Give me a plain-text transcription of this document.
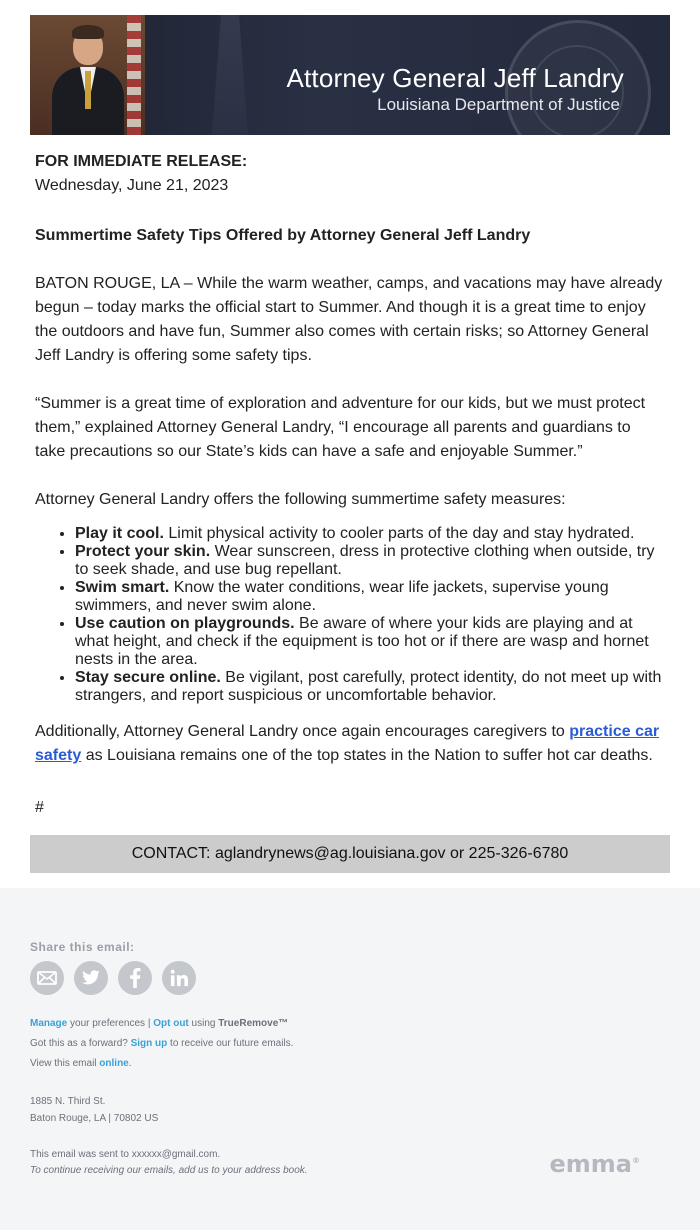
Attorney General Jeff Landry
Louisiana Department of Justice
FOR IMMEDIATE RELEASE:
Wednesday, June 21, 2023
Summertime Safety Tips Offered by Attorney General Jeff Landry
BATON ROUGE, LA – While the warm weather, camps, and vacations may have already begun – today marks the official start to Summer. And though it is a great time to enjoy the outdoors and have fun, Summer also comes with certain risks; so Attorney General Jeff Landry is offering some safety tips.
“Summer is a great time of exploration and adventure for our kids, but we must protect them,” explained Attorney General Landry, “I encourage all parents and guardians to take precautions so our State’s kids can have a safe and enjoyable Summer.”
Attorney General Landry offers the following summertime safety measures:
• Play it cool. Limit physical activity to cooler parts of the day and stay hydrated.
• Protect your skin. Wear sunscreen, dress in protective clothing when outside, try to seek shade, and use bug repellant.
• Swim smart. Know the water conditions, wear life jackets, supervise young swimmers, and never swim alone.
• Use caution on playgrounds. Be aware of where your kids are playing and at what height, and check if the equipment is too hot or if there are wasp and hornet nests in the area.
• Stay secure online. Be vigilant, post carefully, protect identity, do not meet up with strangers, and report suspicious or uncomfortable behavior.
Additionally, Attorney General Landry once again encourages caregivers to practice car safety as Louisiana remains one of the top states in the Nation to suffer hot car deaths.
#
CONTACT: aglandrynews@ag.louisiana.gov or 225-326-6780
Share this email:
Manage your preferences | Opt out using TrueRemove™
Got this as a forward? Sign up to receive our future emails.
View this email online.
1885 N. Third St.
Baton Rouge, LA | 70802 US
This email was sent to xxxxxx@gmail.com.
To continue receiving our emails, add us to your address book.	emma®
